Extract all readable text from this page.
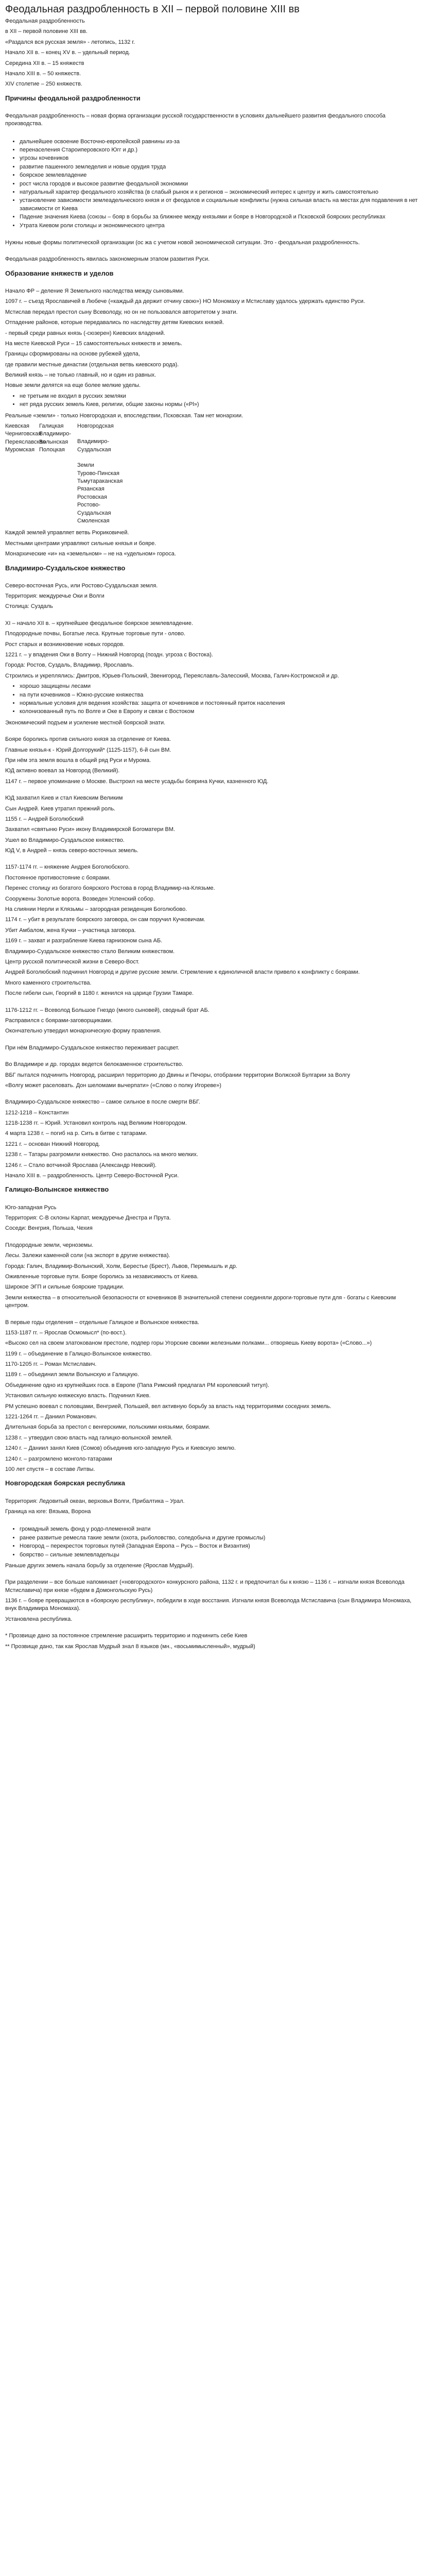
Феодальная раздробленность в XII – первой половине XIII вв

Феодальная раздробленность

в XII – первой половине XIII вв.

«Раздался вся русская земля» - летопись, 1132 г.

Начало XII в. – конец XV в. – удельный период.

Середина XII в. – 15 княжеств

Начало XIII в. – 50 княжеств.

XIV столетие – 250 княжеств.

Причины феодальной раздробленности

Феодальная раздробленность – новая форма организации русской государственности в условиях дальнейшего развития феодального способа производства.

• дальнейшее освоение Восточно-европейской равнины из-за
• перенаселения Староиперовского Югг и др.)
• угрозы кочевников
• развитие пашенного земледелия и новые орудия труда
• боярское землевладение
• рост числа городов и высокое развитие феодальной экономики
• натуральный характер феодального хозяйства (в слабый рынок и к регионов – экономический интерес к центру и жить самостоятельно
• установление зависимости землеадельческого князя и от феодалов и социальные конфликты (нужна сильная власть на местах для подавления в нет зависимости от Киева
• Падение значения Киева (союзы – бояр в борьбы за ближнее между князьями и бояре в Новгородской и Псковской боярских республиках
• Утрата Киевом роли столицы и экономического центра

Нужны новые формы политической организации (ос жа с учетом новой экономической ситуации. Это - феодальная раздробленность.

Феодальная раздробленность явилась закономерным этапом развития Руси.

Образование княжеств и уделов

Начало ФР – деление Я Земельного наследства между сыновьями.

1097 г. – съезд Ярославичей в Любече («каждый да держит отчину свою») НО Мономаху и Мстиславу удалось удержать единство Руси.

Мстислав передал престол сыну Всеволоду, но он не пользовался авторитетом у знати.

Отпадение районов, которые передавались по наследству детям Киевских князей.

- первый среди равных князь (-сюзерен) Киевских владений.

На месте Киевской Руси – 15 самостоятельных княжеств и земель.

Границы сформированы на основе рубежей удела,

где правили местные династии (отдельная ветвь киевского рода).

Великий князь – не только главный, но и один из равных.

Новые земли делятся на еще более мелкие уделы.

• не третьим не входил в русских земляки
• нет ряда русских земель Киев, религии, общие законы нормы («Pl»)

Реальные «земли» - только Новгородская и, впоследствии, Псковская. Там нет монархии.

Киевская
Черниговская
Переяславская
Муромская
Галицкая
Владимиро-Волынская
Полоцкая
Новгородская
Владимиро-Суздальская
Земли
Турово-Пинская
Тьмутараканская
Рязанская
Ростовская
Ростово-Суздальская
Смоленская

Каждой землей управляет ветвь Рюриковичей.

Местными центрами управляют сильные князья и бояре.

Монархические «и» на «земельном» – не на «удельном» гороса.

Владимиро-Суздальское княжество

Северо-восточная Русь, или Ростово-Суздальская земля.

Территория: междуречье Оки и Волги

Столица: Суздаль

XI – начало XII в. – крупнейшее феодальное боярское землевладение.

Плодородные почвы, Богатые леса. Крупные торговые пути - олово.

Рост старых и возникновение новых городов.

1221 г. – у впадения Оки в Волгу – Нижний Новгород (поздн. угроза с Востока).

Города: Ростов, Суздаль, Владимир, Ярославль.

Строились и укреплялись: Дмитров, Юрьев-Польский, Звенигород, Переяславль-Залесский, Москва, Галич-Костромской и др.

• хорошо защищены лесами
• на пути кочевников – Южно-русские княжества
• нормальные условия для ведения хозяйства: защита от кочевников и постоянный приток населения
• колонизованный путь по Волге и Оке в Европу и связи с Востоком

Экономический подъем и усиление местной боярской знати.

Бояре боролись против сильного князя за отделение от Киева.

Главные князья-к - Юрий Долгорукий* (1125-1157), 6-й сын ВМ.

При нём эта земля вошла в общий ряд Руси и Мурома.

ЮД активно воевал за Новгород (Великий).

1147 г. – первое упоминание о Москве. Выстроил на месте усадьбы боярина Кучки, казненного ЮД.

ЮД захватил Киев и стал Киевским Великим

Сын Андрей. Киев утратил прежний роль.

1155 г. – Андрей Боголюбский

Захватил «святыню Руси» икону Владимирской Богоматери ВМ.

Ушел во Владимиро-Суздальское княжество.

ЮД V, в Андрей – князь северо-восточных земель.

1157-1174 гг. – княжение Андрея Боголюбского.

Постоянное противостояние с боярами.

Перенес столицу из богатого боярского Ростова в город Владимир-на-Клязьме.

Сооружены Золотые ворота. Возведен Успенский собор.

На слиянии Нерли и Клязьмы – загородная резиденция Боголюбово.

1174 г. – убит в результате боярского заговора, он сам поручил Кучковичам.

Убит Амбалом, жена Кучки – участница заговора.

1169 г. – захват и разграбление Киева гарнизоном сына АБ.

Владимиро-Суздальское княжество стало Великим княжеством.

Центр русской политической жизни в Северо-Вост.

Андрей Боголюбский подчинил Новгород и другие русские земли. Стремление к единоличной власти привело к конфликту с боярами.

Много каменного строительства.

После гибели сын, Георгий в 1180 г. женился на царице Грузии Тамаре.

1176-1212 гг. – Всеволод Большое Гнездо (много сыновей), сводный брат АБ.

Расправился с боярами-заговорщиками.

Окончательно утвердил монархическую форму правления.

При нём Владимиро-Суздальское княжество переживает расцвет.

Во Владимире и др. городах ведется белокаменное строительство.

ВБГ пытался подчинить Новгород, расширил территорию до Двины и Печоры, отобрании территории Волжской Булгарии за Волгу

«Волгу может раселовать. Дон шеломами вычерпати» («Слово о полку Игореве»)

Владимиро-Суздальское княжество – самое сильное в после смерти ВБГ.

1212-1218 – Константин

1218-1238 гг. – Юрий. Установил контроль над Великим Новгородом.

4 марта 1238 г. – погиб на р. Сить в битве с татарами.

1221 г. – основан Нижний Новгород.

1238 г. – Татары разгромили княжество. Оно распалось на много мелких.

1246 г. – Стало вотчиной Ярослава (Александр Невский).

Начало XIII в. – раздробленность. Центр Северо-Восточной Руси.

Галицко-Волынское княжество

Юго-западная Русь

Территория: С-В склоны Карпат, междуречье Днестра и Прута.

Соседи: Венгрия, Польша, Чехия

Плодородные земли, черноземы.

Лесы. Залежи каменной соли (на экспорт в другие княжества).

Города: Галич, Владимир-Волынский, Холм, Берестье (Брест), Львов, Перемышль и др.

Оживленные торговые пути. Бояре боролись за независимость от Киева.

Широкое ЭГП и сильные боярские традиции.

Земли княжества – в относительной безопасности от кочевников В значительной степени соединяли дороги-торговые пути для - богаты с Киевским центром.

В первые годы отделения – отдельные Галицкое и Волынское княжества.

1153-1187 гг. – Ярослав Осмомысл* (по-вост.).

«Высоко сел на своем златокованом престоле, подпер горы Угорские своими железными полками... отворяешь Киеву ворота» («Слово...»)

1199 г. – объединение в Галицко-Волынское княжество.

1170-1205 гг. – Роман Мстиславич.

1189 г. – объединил земли Волынскую и Галицкую.

Объединение одно из крупнейших госв. в Европе (Папа Римский предлагал РМ королевский титул).

Установил сильную княжескую власть. Подчинил Киев.

РМ успешно воевал с половцами, Венгрией, Польшей, вел активную борьбу за власть над территориями соседних земель.

1221-1264 гг. – Даниил Романович.

Длительная борьба за престол с венгерскими, польскими князьями, боярами.

1238 г. – утвердил свою власть над галицко-волынской землей.

1240 г. – Даниил занял Киев (Сомов) объединив юго-западную Русь и Киевскую землю.

1240 г. – разгромлено монголо-татарами

100 лет спустя – в составе Литвы.

Новгородская боярская республика

Территория: Ледовитый океан, верховья Волги, Прибалтика – Урал.

Граница на юге: Вязьма, Ворона

• громадный земель фонд у родо-племенной знати
• ранее развитые ремесла такие земли (охота, рыболовство, соледобыча и другие промыслы)
• Новгород – перекресток торговых путей (Западная Европа – Русь – Восток и Византия)
• боярство – сильные землевладельцы

Раньше других земель начала борьбу за отделение (Ярослав Мудрый).

При разделении – все больше напоминает («новгородского» конкурсного района, 1132 г. и предпочитал бы к князю – 1136 г. – изгнали князя Всеволода Мстиславича) при князе «будем в Домонгольскую Русь)

1136 г. – бояре превращаются в «боярскую республику», победили в ходе восстания. Изгнали князя Всеволода Мстиславича (сын Владимира Мономаха, внук Владимира Мономаха).

Установлена республика.

* Прозвище дано за постоянное стремление расширить территорию и подчинить себе Киев

** Прозвище дано, так как Ярослав Мудрый знал 8 языков (мн., «восьмимысленный», мудрый)
